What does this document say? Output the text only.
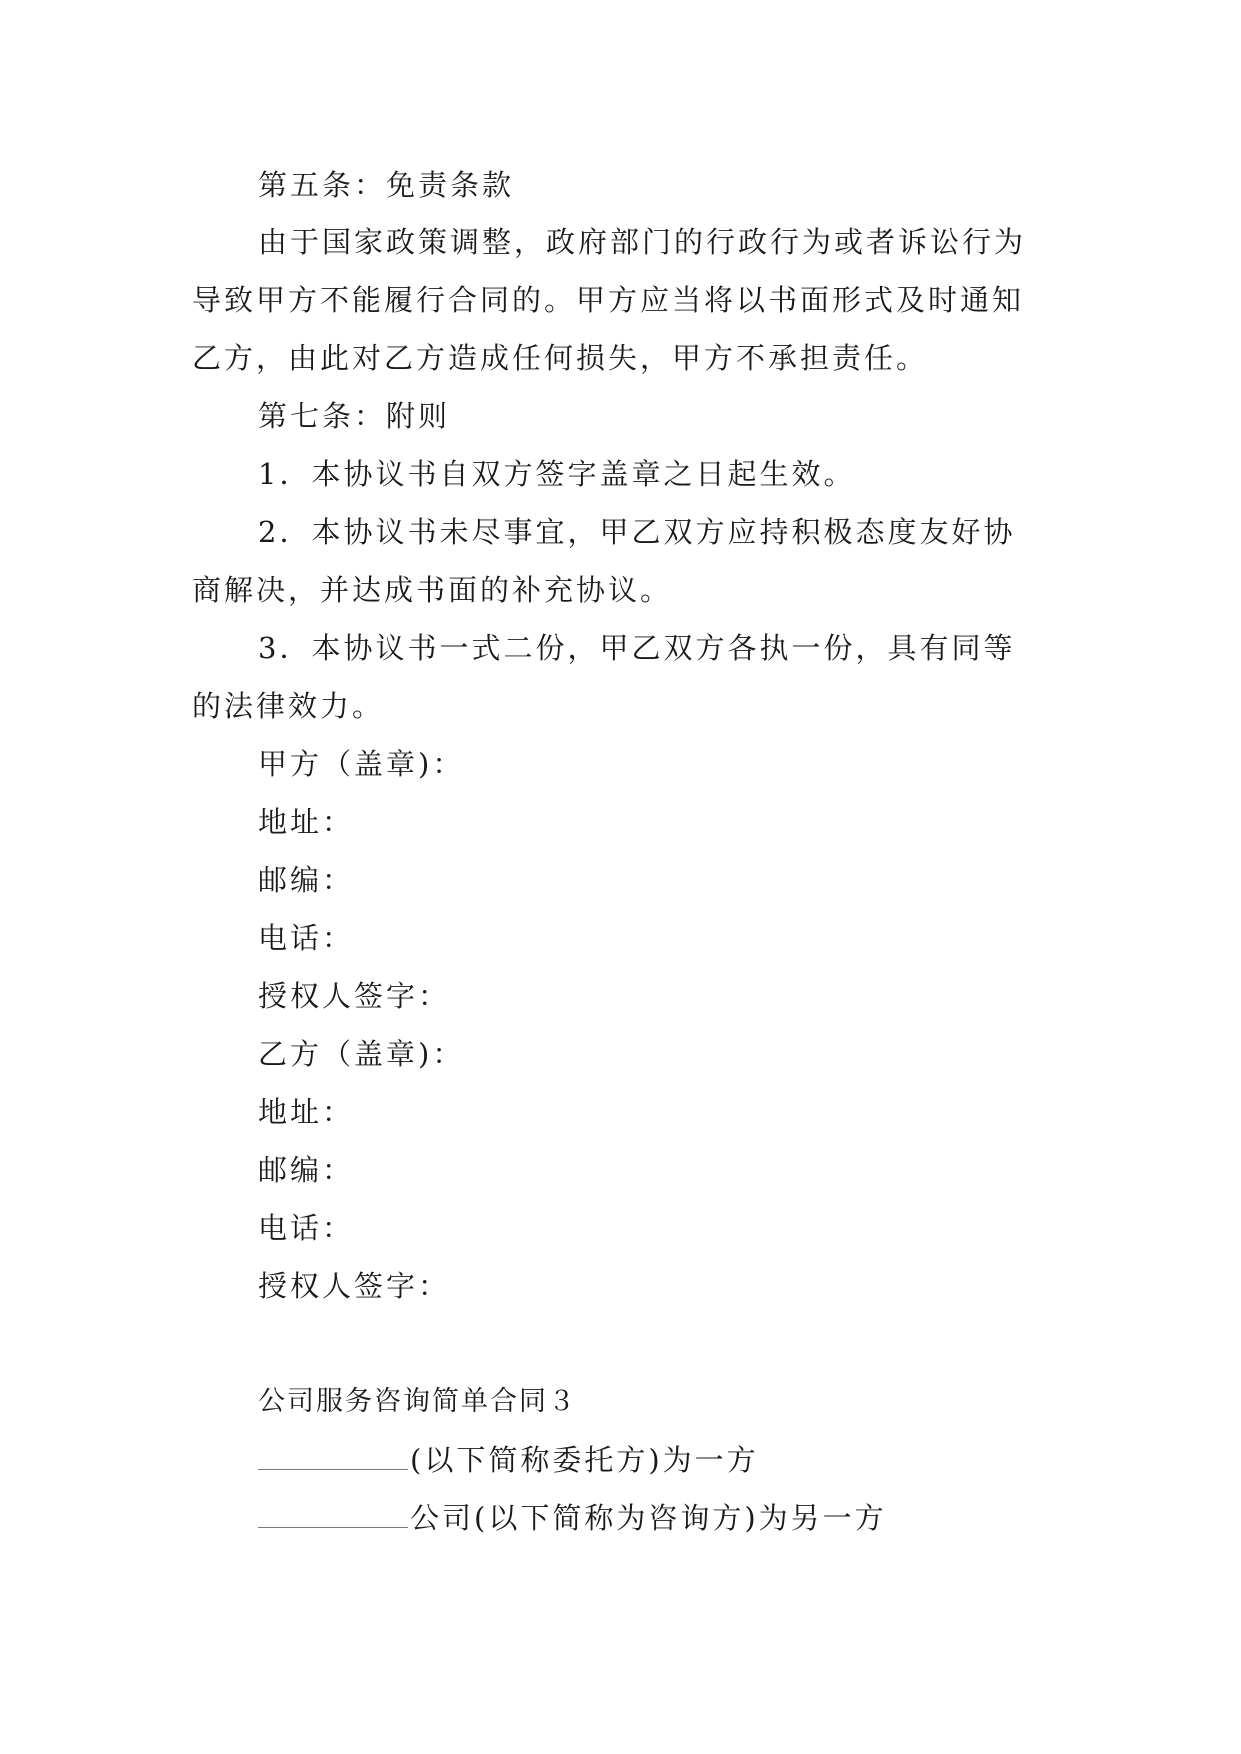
第五条：免责条款
由于国家政策调整，政府部门的行政行为或者诉讼行为
导致甲方不能履行合同的。甲方应当将以书面形式及时通知
乙方，由此对乙方造成任何损失，甲方不承担责任。
第七条：附则
1．本协议书自双方签字盖章之日起生效。
2．本协议书未尽事宜，甲乙双方应持积极态度友好协
商解决，并达成书面的补充协议。
3．本协议书一式二份，甲乙双方各执一份，具有同等
的法律效力。
甲方（盖章)：
地址：
邮编：
电话：
授权人签字：
乙方（盖章)：
地址：
邮编：
电话：
授权人签字：
公司服务咨询简单合同３
(以下简称委托方)为一方
公司(以下简称为咨询方)为另一方
